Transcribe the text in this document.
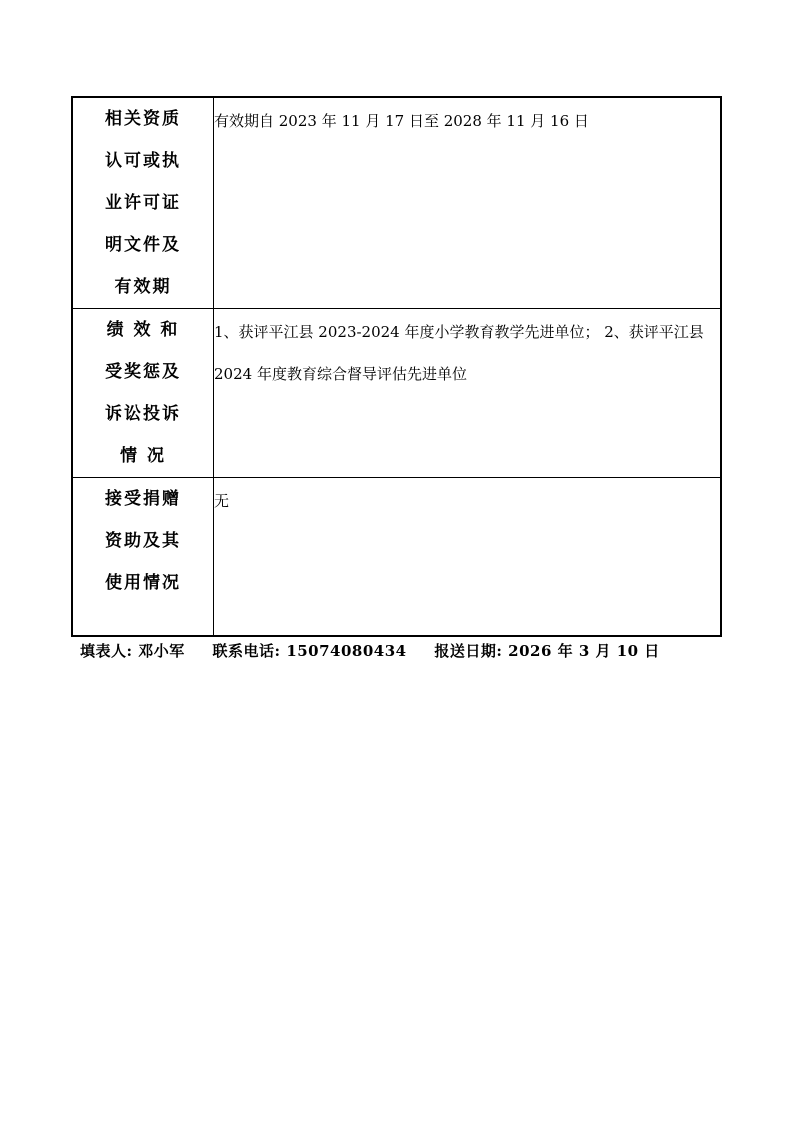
相关资质 认可或执 业许可证 明文件及 有效期	有效期自 2023 年 11 月 17 日至 2028 年 11 月 16 日

绩 效 和 受奖惩及 诉讼投诉 情 况	1、获评平江县 2023-2024 年度小学教育教学先进单位； 2、获评平江县 2024 年度教育综合督导评估先进单位

接受捐赠 资助及其 使用情况	无
填表人: 邓小军 联系电话: 15074080434 报送日期: 2026 年 3 月 10 日
